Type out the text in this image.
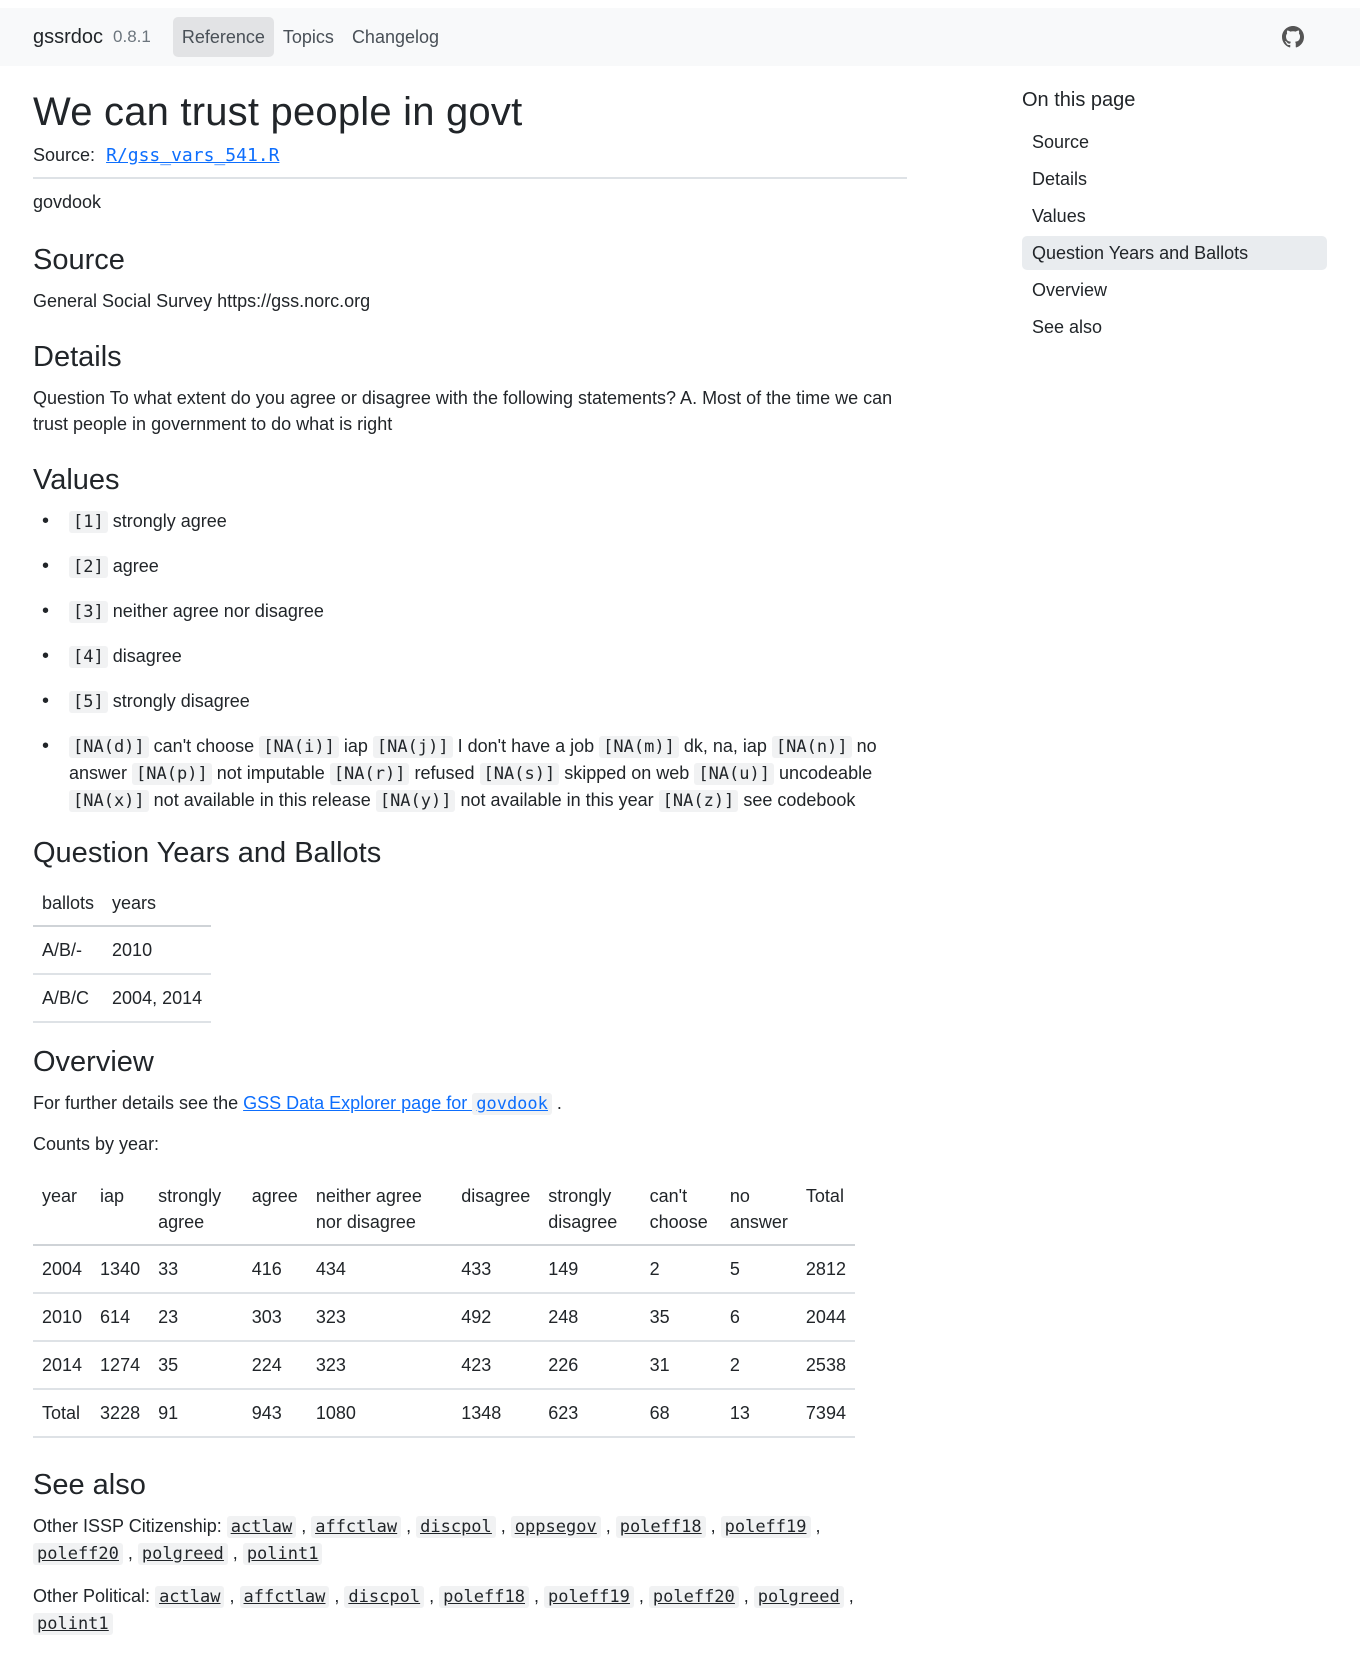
gssrdoc 0.8.1	Reference	Topics	Changelog
We can trust people in govt
Source: R/gss_vars_541.R
govdook
Source

General Social Survey https://gss.norc.org

Details

Question To what extent do you agree or disagree with the following statements? A. Most of the time we can trust people in government to do what is right

Values
• [1] strongly agree
• [2] agree
• [3] neither agree nor disagree
• [4] disagree
• [5] strongly disagree
• [NA(d)] can't choose [NA(i)] iap [NA(j)] I don't have a job [NA(m)] dk, na, iap [NA(n)] no answer [NA(p)] not imputable [NA(r)] refused [NA(s)] skipped on web [NA(u)] uncodeable [NA(x)] not available in this release [NA(y)] not available in this year [NA(z)] see codebook
Question Years and Ballots
ballots	years
A/B/-	2010
A/B/C	2004, 2014
Overview

For further details see the GSS Data Explorer page for govdook .

Counts by year:

year	iap	strongly agree	agree	neither agree nor disagree	disagree	strongly disagree	can't choose	no answer	Total
2004	1340	33	416	434	433	149	2	5	2812
2010	614	23	303	323	492	248	35	6	2044
2014	1274	35	224	323	423	226	31	2	2538
Total	3228	91	943	1080	1348	623	68	13	7394
See also
Other ISSP Citizenship: actlaw , affctlaw , discpol , oppsegov , poleff18 , poleff19 , poleff20 , polgreed , polint1
Other Political: actlaw , affctlaw , discpol , poleff18 , poleff19 , poleff20 , polgreed , polint1
On this page
Source
Details
Values
Question Years and Ballots
Overview
See also
